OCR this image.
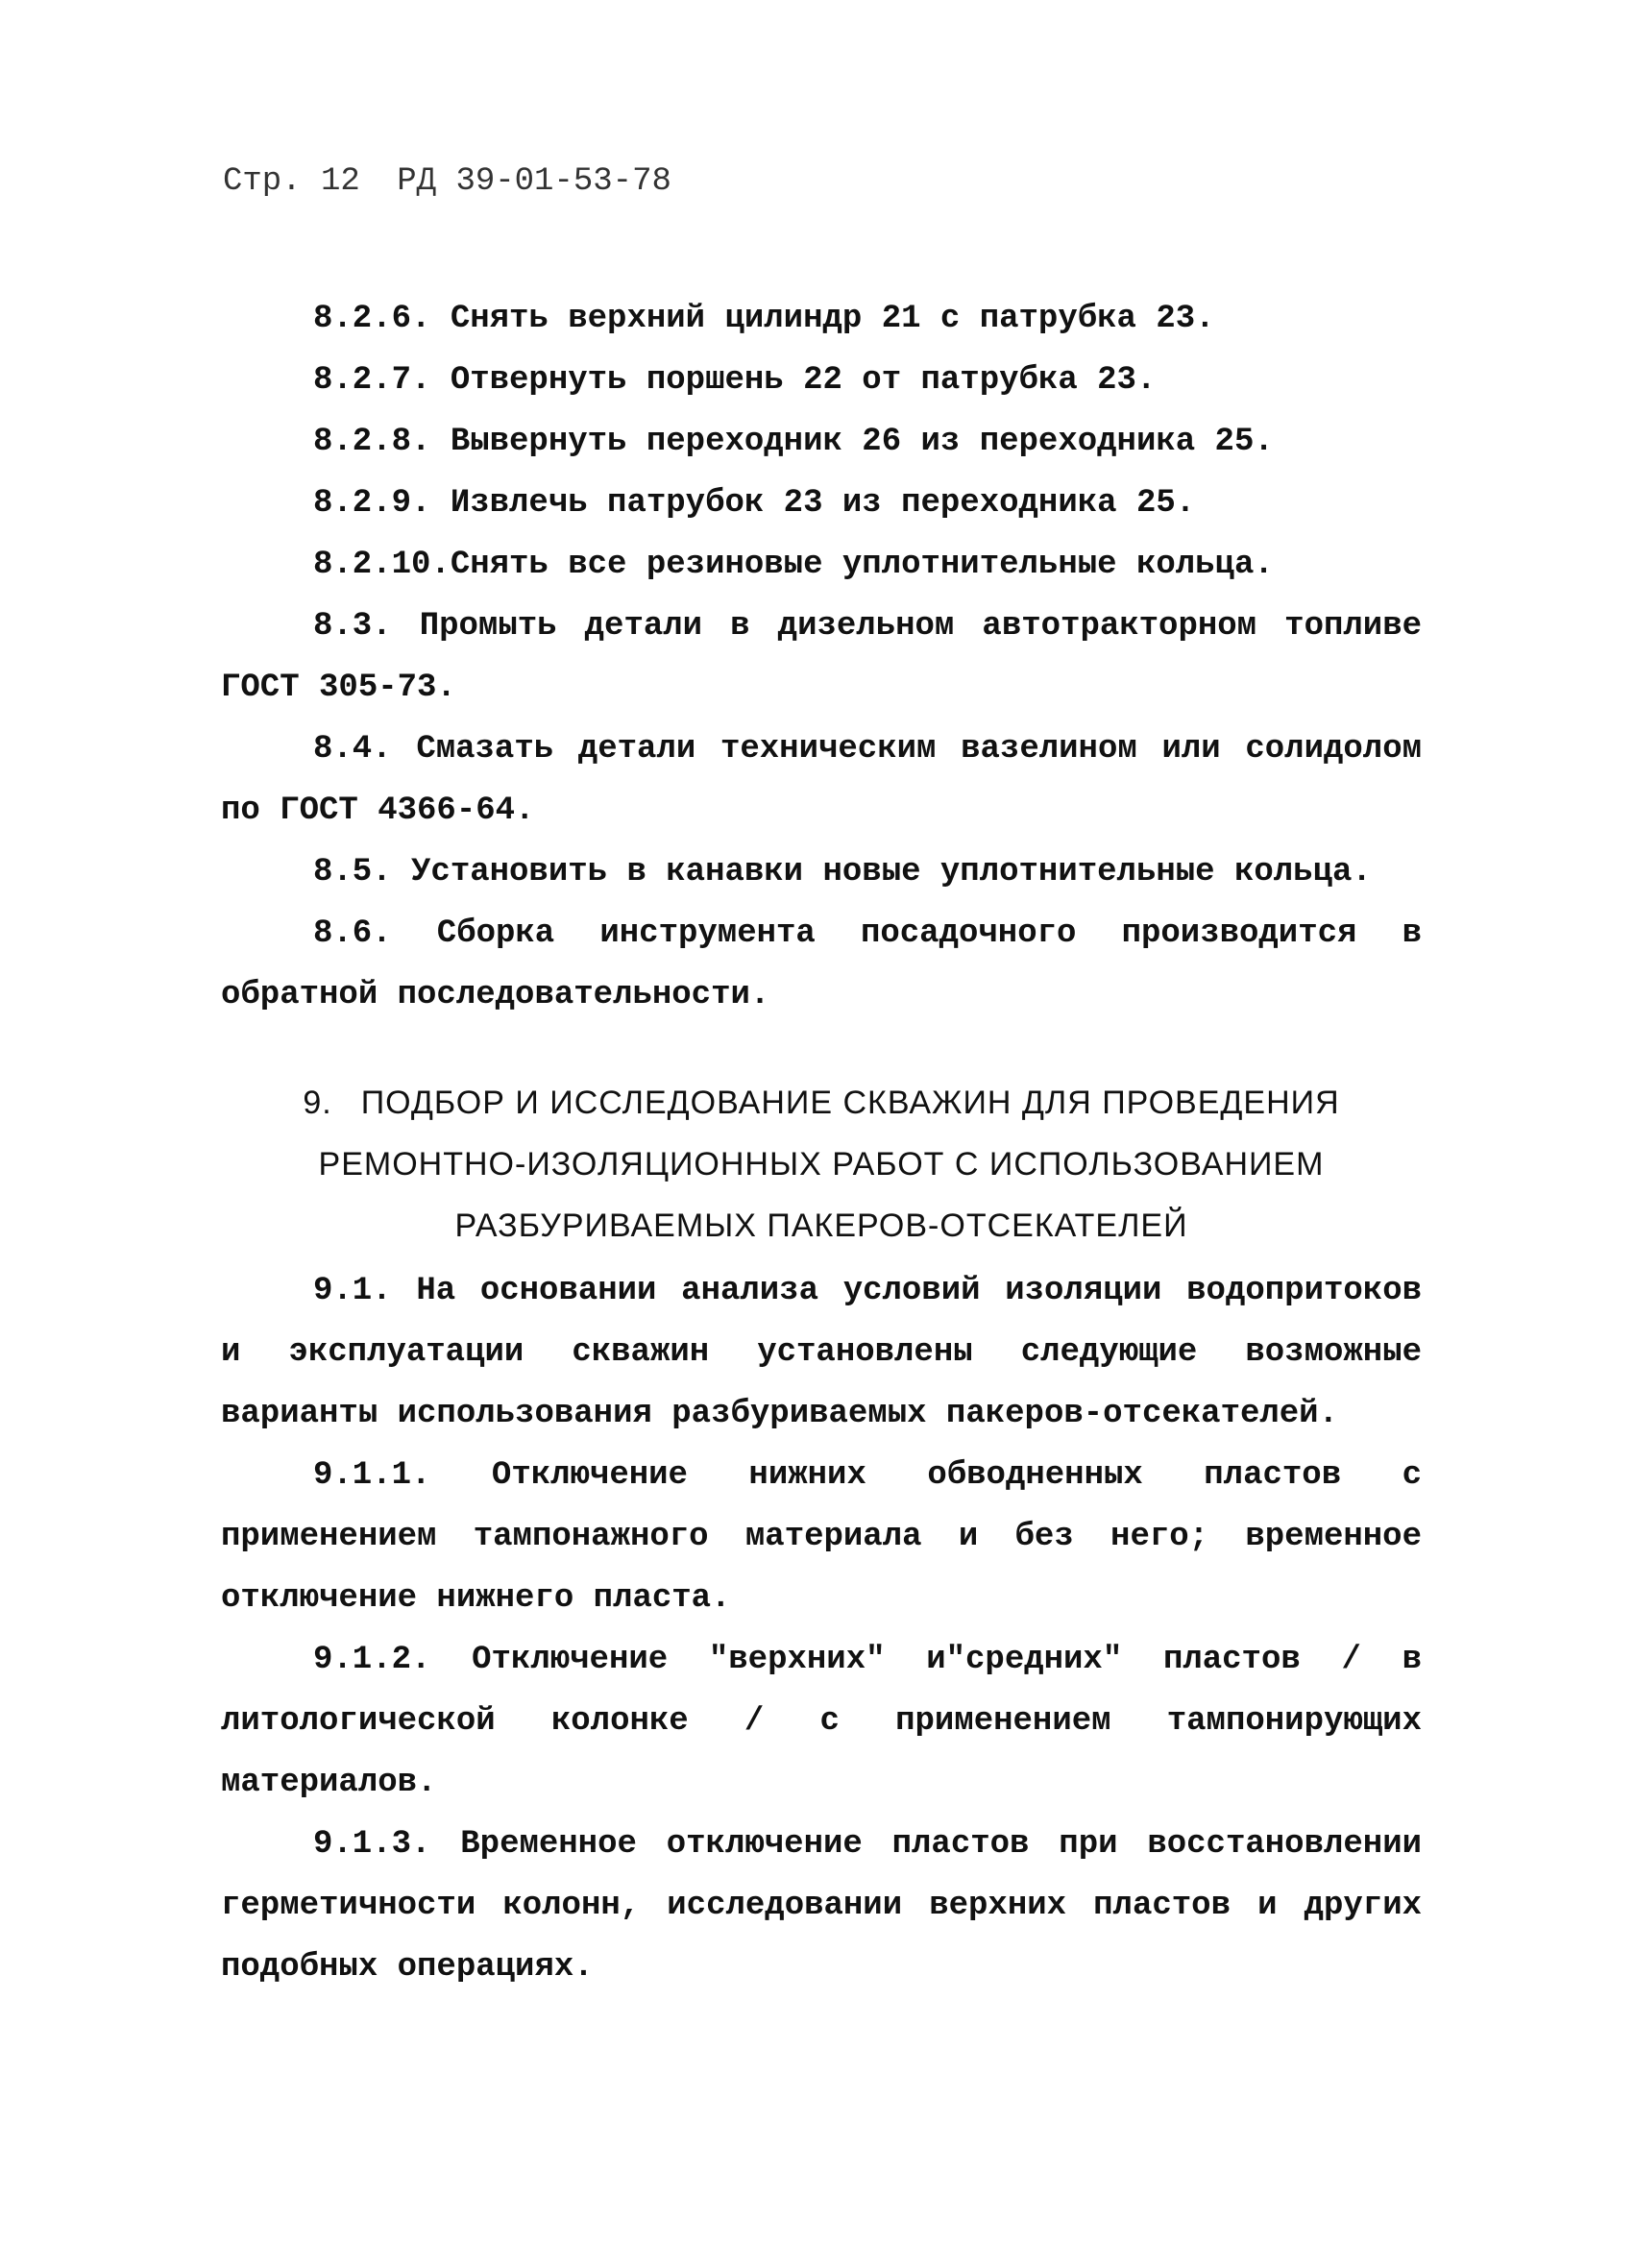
Стр. 12 РД 39-01-53-78

8.2.6. Снять верхний цилиндр 21 с патрубка 23.

8.2.7. Отвернуть поршень 22 от патрубка 23.

8.2.8. Вывернуть переходник 26 из переходника 25.

8.2.9. Извлечь патрубок 23 из переходника 25.

8.2.10.Снять все резиновые уплотнительные кольца.

8.3. Промыть детали в дизельном автотракторном топливе ГОСТ 305-73.

8.4. Смазать детали техническим вазелином или солидолом по ГОСТ 4366-64.

8.5. Установить в канавки новые уплотнительные кольца.

8.6. Сборка инструмента посадочного производится в обратной последовательности.

9. ПОДБОР И ИССЛЕДОВАНИЕ СКВАЖИН ДЛЯ ПРОВЕДЕНИЯ
РЕМОНТНО-ИЗОЛЯЦИОННЫХ РАБОТ С ИСПОЛЬЗОВАНИЕМ
РАЗБУРИВАЕМЫХ ПАКЕРОВ-ОТСЕКАТЕЛЕЙ

9.1. На основании анализа условий изоляции водопритоков и эксплуатации скважин установлены следующие возможные варианты использования разбуриваемых пакеров-отсекателей.

9.1.1. Отключение нижних обводненных пластов с применением тампонажного материала и без него; временное отключение нижнего пласта.

9.1.2. Отключение "верхних" и"средних" пластов / в литологической колонке / с применением тампонирующих материалов.

9.1.3. Временное отключение пластов при восстановлении герметичности колонн, исследовании верхних пластов и других подобных операциях.
